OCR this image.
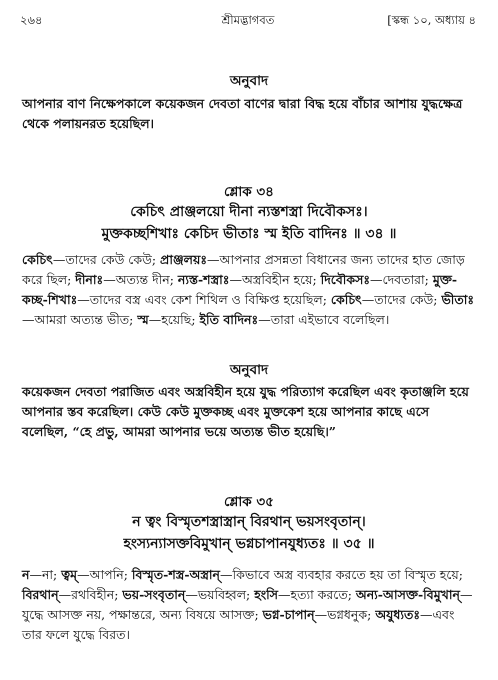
২৬৪	শ্রীমদ্ভাগবত	[স্কন্ধ ১০, অধ্যায় ৪
অনুবাদ

আপনার বাণ নিক্ষেপকালে কয়েকজন দেবতা বাণের দ্বারা বিদ্ধ হয়ে বাঁচার আশায় যুদ্ধক্ষেত্র থেকে পলায়নরত হয়েছিল।

শ্লোক ৩৪
কেচিৎ প্রাঞ্জলয়ো দীনা ন্যস্তশস্ত্রা দিবৌকসঃ।
মুক্তকচ্ছশিখাঃ কেচিদ ভীতাঃ স্ম ইতি বাদিনঃ ॥ ৩৪ ॥

কেচিৎ—তাদের কেউ কেউ; প্রাঞ্জলয়ঃ—আপনার প্রসন্নতা বিধানের জন্য তাদের হাত জোড় করে ছিল; দীনাঃ—অত্যন্ত দীন; ন্যস্ত-শস্ত্রাঃ—অস্ত্রবিহীন হয়ে; দিবৌকসঃ—দেবতারা; মুক্ত-কচ্ছ-শিখাঃ—তাদের বস্ত্র এবং কেশ শিথিল ও বিক্ষিপ্ত হয়েছিল; কেচিৎ—তাদের কেউ; ভীতাঃ—আমরা অত্যন্ত ভীত; স্ম—হয়েছি; ইতি বাদিনঃ—তারা এইভাবে বলেছিল।

অনুবাদ

কয়েকজন দেবতা পরাজিত এবং অস্ত্রবিহীন হয়ে যুদ্ধ পরিত্যাগ করেছিল এবং কৃতাঞ্জলি হয়ে আপনার স্তব করেছিল। কেউ কেউ মুক্তকচ্ছ এবং মুক্তকেশ হয়ে আপনার কাছে এসে বলেছিল, “হে প্রভু, আমরা আপনার ভয়ে অত্যন্ত ভীত হয়েছি।”

শ্লোক ৩৫
ন ত্বং বিস্মৃতশস্ত্রাস্ত্রান্ বিরথান্ ভয়সংবৃতান্।
হংস্যন্যাসক্তবিমুখান্ ভগ্নচাপানযুধ্যতঃ ॥ ৩৫ ॥

ন—না; ত্বম্—আপনি; বিস্মৃত-শস্ত্র-অস্ত্রান্—কিভাবে অস্ত্র ব্যবহার করতে হয় তা বিস্মৃত হয়ে; বিরথান্—রথবিহীন; ভয়-সংবৃতান্—ভয়বিহ্বল; হংসি—হত্যা করতে; অন্য-আসক্ত-বিমুখান্—যুদ্ধে আসক্ত নয়, পক্ষান্তরে, অন্য বিষয়ে আসক্ত; ভগ্ন-চাপান্—ভগ্নধনুক; অযুধ্যতঃ—এবং তার ফলে যুদ্ধে বিরত।
